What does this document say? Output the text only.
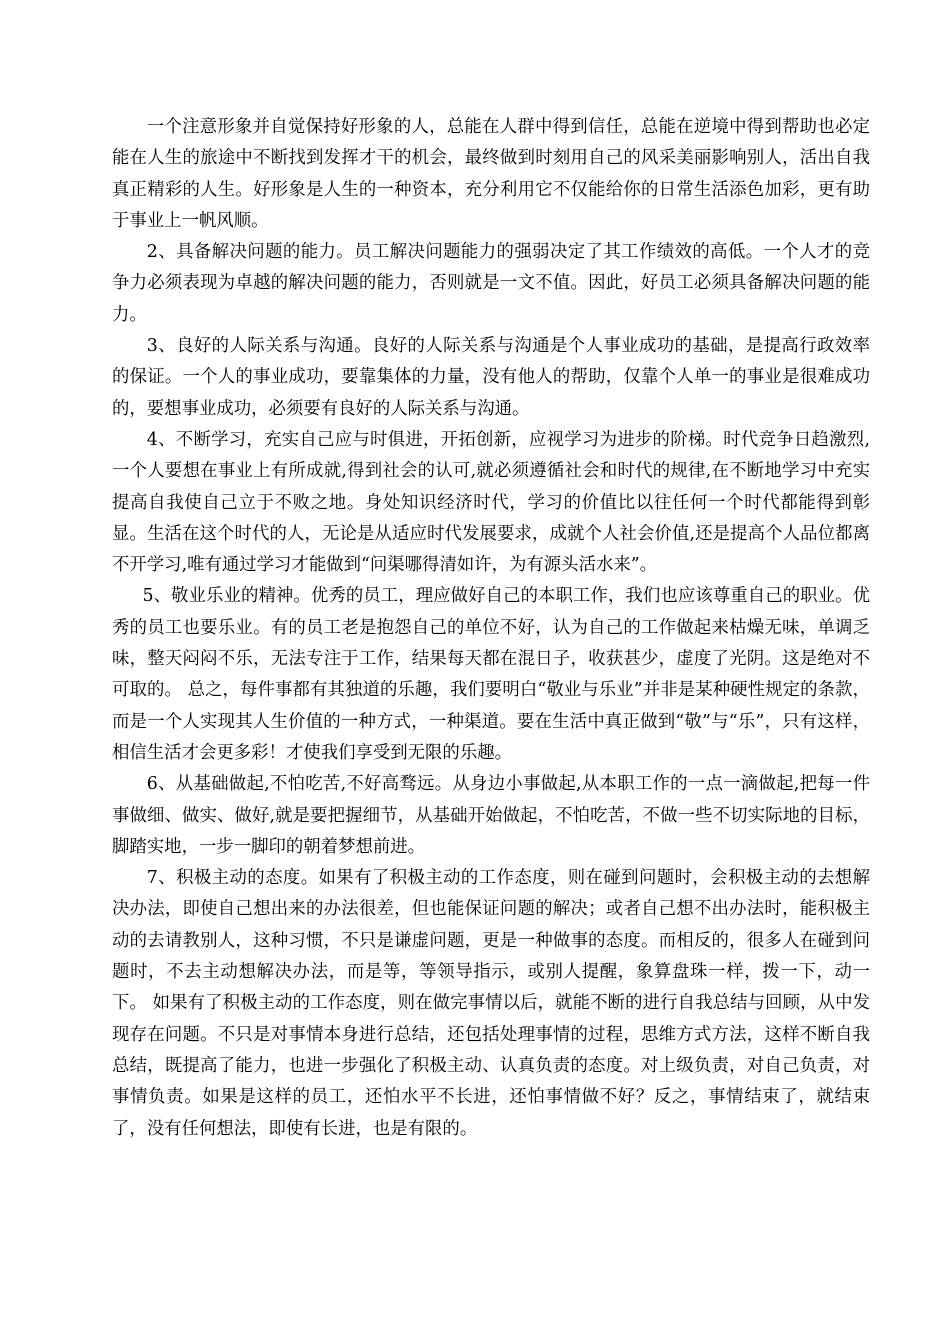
一个注意形象并自觉保持好形象的人，总能在人群中得到信任，总能在逆境中得到帮助也必定能在人生的旅途中不断找到发挥才干的机会，最终做到时刻用自己的风采美丽影响别人，活出自我真正精彩的人生。好形象是人生的一种资本，充分利用它不仅能给你的日常生活添色加彩，更有助于事业上一帆风顺。

2、具备解决问题的能力。员工解决问题能力的强弱决定了其工作绩效的高低。一个人才的竞争力必须表现为卓越的解决问题的能力，否则就是一文不值。因此，好员工必须具备解决问题的能力。

3、良好的人际关系与沟通。良好的人际关系与沟通是个人事业成功的基础，是提高行政效率的保证。一个人的事业成功，要靠集体的力量，没有他人的帮助，仅靠个人单一的事业是很难成功的，要想事业成功，必须要有良好的人际关系与沟通。

4、不断学习，充实自己应与时俱进，开拓创新，应视学习为进步的阶梯。时代竞争日趋激烈,一个人要想在事业上有所成就,得到社会的认可,就必须遵循社会和时代的规律,在不断地学习中充实提高自我使自己立于不败之地。身处知识经济时代，学习的价值比以往任何一个时代都能得到彰显。生活在这个时代的人，无论是从适应时代发展要求，成就个人社会价值,还是提高个人品位都离不开学习,唯有通过学习才能做到“问渠哪得清如许，为有源头活水来”。

5、敬业乐业的精神。优秀的员工，理应做好自己的本职工作，我们也应该尊重自己的职业。优秀的员工也要乐业。有的员工老是抱怨自己的单位不好，认为自己的工作做起来枯燥无味，单调乏味，整天闷闷不乐，无法专注于工作，结果每天都在混日子，收获甚少，虚度了光阴。这是绝对不可取的。 总之，每件事都有其独道的乐趣，我们要明白“敬业与乐业”并非是某种硬性规定的条款，而是一个人实现其人生价值的一种方式，一种渠道。要在生活中真正做到“敬”与“乐”，只有这样，相信生活才会更多彩！才使我们享受到无限的乐趣。

6、从基础做起,不怕吃苦,不好高骛远。从身边小事做起,从本职工作的一点一滴做起,把每一件事做细、做实、做好,就是要把握细节，从基础开始做起，不怕吃苦，不做一些不切实际地的目标，脚踏实地，一步一脚印的朝着梦想前进。

7、积极主动的态度。如果有了积极主动的工作态度，则在碰到问题时，会积极主动的去想解决办法，即使自己想出来的办法很差，但也能保证问题的解决；或者自己想不出办法时，能积极主动的去请教别人，这种习惯，不只是谦虚问题，更是一种做事的态度。而相反的，很多人在碰到问题时，不去主动想解决办法，而是等，等领导指示，或别人提醒，象算盘珠一样，拨一下，动一下。 如果有了积极主动的工作态度，则在做完事情以后，就能不断的进行自我总结与回顾，从中发现存在问题。不只是对事情本身进行总结，还包括处理事情的过程，思维方式方法，这样不断自我总结，既提高了能力，也进一步强化了积极主动、认真负责的态度。对上级负责，对自己负责，对事情负责。如果是这样的员工，还怕水平不长进，还怕事情做不好？反之，事情结束了，就结束了，没有任何想法，即使有长进，也是有限的。
